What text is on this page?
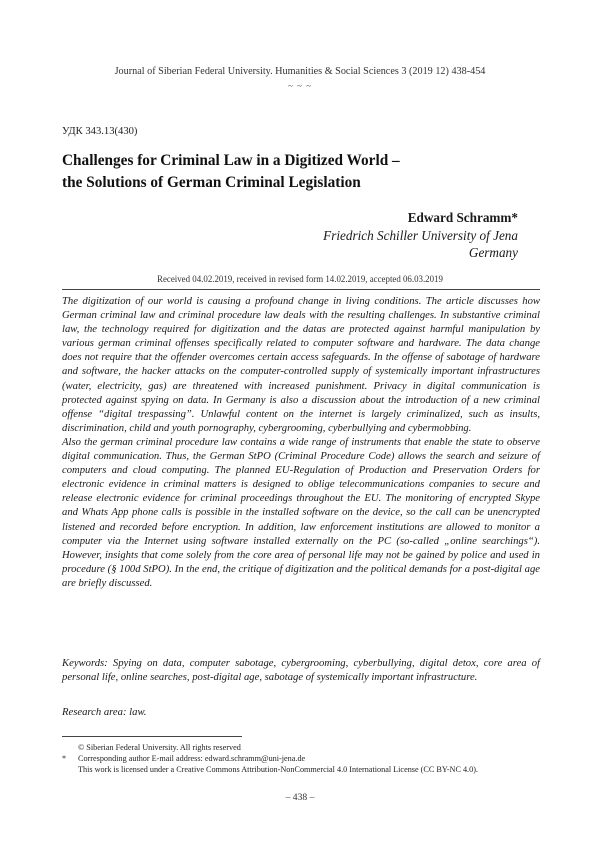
Journal of Siberian Federal University. Humanities & Social Sciences 3 (2019 12) 438-454
~ ~ ~
УДК 343.13(430)
Challenges for Criminal Law in a Digitized World –
the Solutions of German Criminal Legislation
Edward Schramm*
Friedrich Schiller University of Jena
Germany
Received 04.02.2019, received in revised form 14.02.2019, accepted 06.03.2019

The digitization of our world is causing a profound change in living conditions. The article discusses how German criminal law and criminal procedure law deals with the resulting challenges. In substantive criminal law, the technology required for digitization and the datas are protected against harmful manipulation by various german criminal offenses specifically related to computer software and hardware. The data change does not require that the offender overcomes certain access safeguards. In the offense of sabotage of hardware and software, the hacker attacks on the computer-controlled supply of systemically important infrastructures (water, electricity, gas) are threatened with increased punishment. Privacy in digital communication is protected against spying on data. In Germany is also a discussion about the introduction of a new criminal offense “digital trespassing”. Unlawful content on the internet is largely criminalized, such as insults, discrimination, child and youth pornography, cybergrooming, cyberbullying and cybermobbing.

Also the german criminal procedure law contains a wide range of instruments that enable the state to observe digital communication. Thus, the German StPO (Criminal Procedure Code) allows the search and seizure of computers and cloud computing. The planned EU-Regulation of Production and Preservation Orders for electronic evidence in criminal matters is designed to oblige telecommunications companies to secure and release electronic evidence for criminal proceedings throughout the EU. The monitoring of encrypted Skype and Whats App phone calls is possible in the installed software on the device, so the call can be unencrypted listened and recorded before encryption. In addition, law enforcement institutions are allowed to monitor a computer via the Internet using software installed externally on the PC (so-called „online searchings“). However, insights that come solely from the core area of personal life may not be gained by police and used in procedure (§ 100d StPO). In the end, the critique of digitization and the political demands for a post-digital age are briefly discussed.

Keywords: Spying on data, computer sabotage, cybergrooming, cyberbullying, digital detox, core area of personal life, online searches, post-digital age, sabotage of systemically important infrastructure.
Research area: law.
© Siberian Federal University. All rights reserved
*	Corresponding author E-mail address: edward.schramm@uni-jena.de
This work is licensed under a Creative Commons Attribution-NonCommercial 4.0 International License (CC BY-NC 4.0).
– 438 –
